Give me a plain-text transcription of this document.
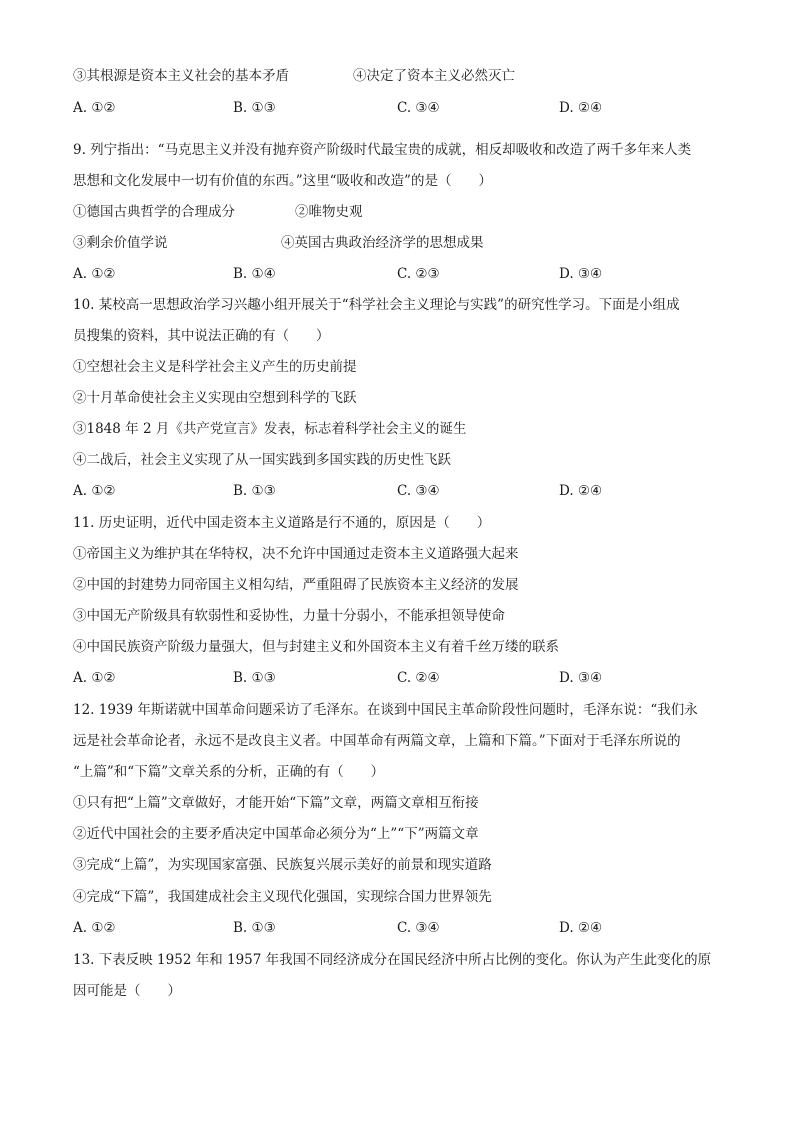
③其根源是资本主义社会的基本矛盾	④决定了资本主义必然灭亡
A. ①②	B. ①③	C. ③④	D. ②④
9. 列宁指出：“马克思主义并没有抛弃资产阶级时代最宝贵的成就，相反却吸收和改造了两千多年来人类
思想和文化发展中一切有价值的东西。”这里“吸收和改造”的是（　　）
①德国古典哲学的合理成分	②唯物史观
③剩余价值学说	④英国古典政治经济学的思想成果
A. ①②	B. ①④	C. ②③	D. ③④
10. 某校高一思想政治学习兴趣小组开展关于“科学社会主义理论与实践”的研究性学习。下面是小组成
员搜集的资料，其中说法正确的有（　　）
①空想社会主义是科学社会主义产生的历史前提
②十月革命使社会主义实现由空想到科学的飞跃
③1848 年 2 月《共产党宣言》发表，标志着科学社会主义的诞生
④二战后，社会主义实现了从一国实践到多国实践的历史性飞跃
A. ①②	B. ①③	C. ③④	D. ②④
11. 历史证明，近代中国走资本主义道路是行不通的，原因是（　　）
①帝国主义为维护其在华特权，决不允许中国通过走资本主义道路强大起来
②中国的封建势力同帝国主义相勾结，严重阻碍了民族资本主义经济的发展
③中国无产阶级具有软弱性和妥协性，力量十分弱小，不能承担领导使命
④中国民族资产阶级力量强大，但与封建主义和外国资本主义有着千丝万缕的联系
A. ①②	B. ①③	C. ②④	D. ③④
12. 1939 年斯诺就中国革命问题采访了毛泽东。在谈到中国民主革命阶段性问题时，毛泽东说：“我们永
远是社会革命论者，永远不是改良主义者。中国革命有两篇文章，上篇和下篇。”下面对于毛泽东所说的
“上篇”和“下篇”文章关系的分析，正确的有（　　）
①只有把“上篇”文章做好，才能开始“下篇”文章，两篇文章相互衔接
②近代中国社会的主要矛盾决定中国革命必须分为“上”“下”两篇文章
③完成“上篇”，为实现国家富强、民族复兴展示美好的前景和现实道路
④完成“下篇”，我国建成社会主义现代化强国，实现综合国力世界领先
A. ①②	B. ①③	C. ③④	D. ②④
13. 下表反映 1952 年和 1957 年我国不同经济成分在国民经济中所占比例的变化。你认为产生此变化的原
因可能是（　　）
